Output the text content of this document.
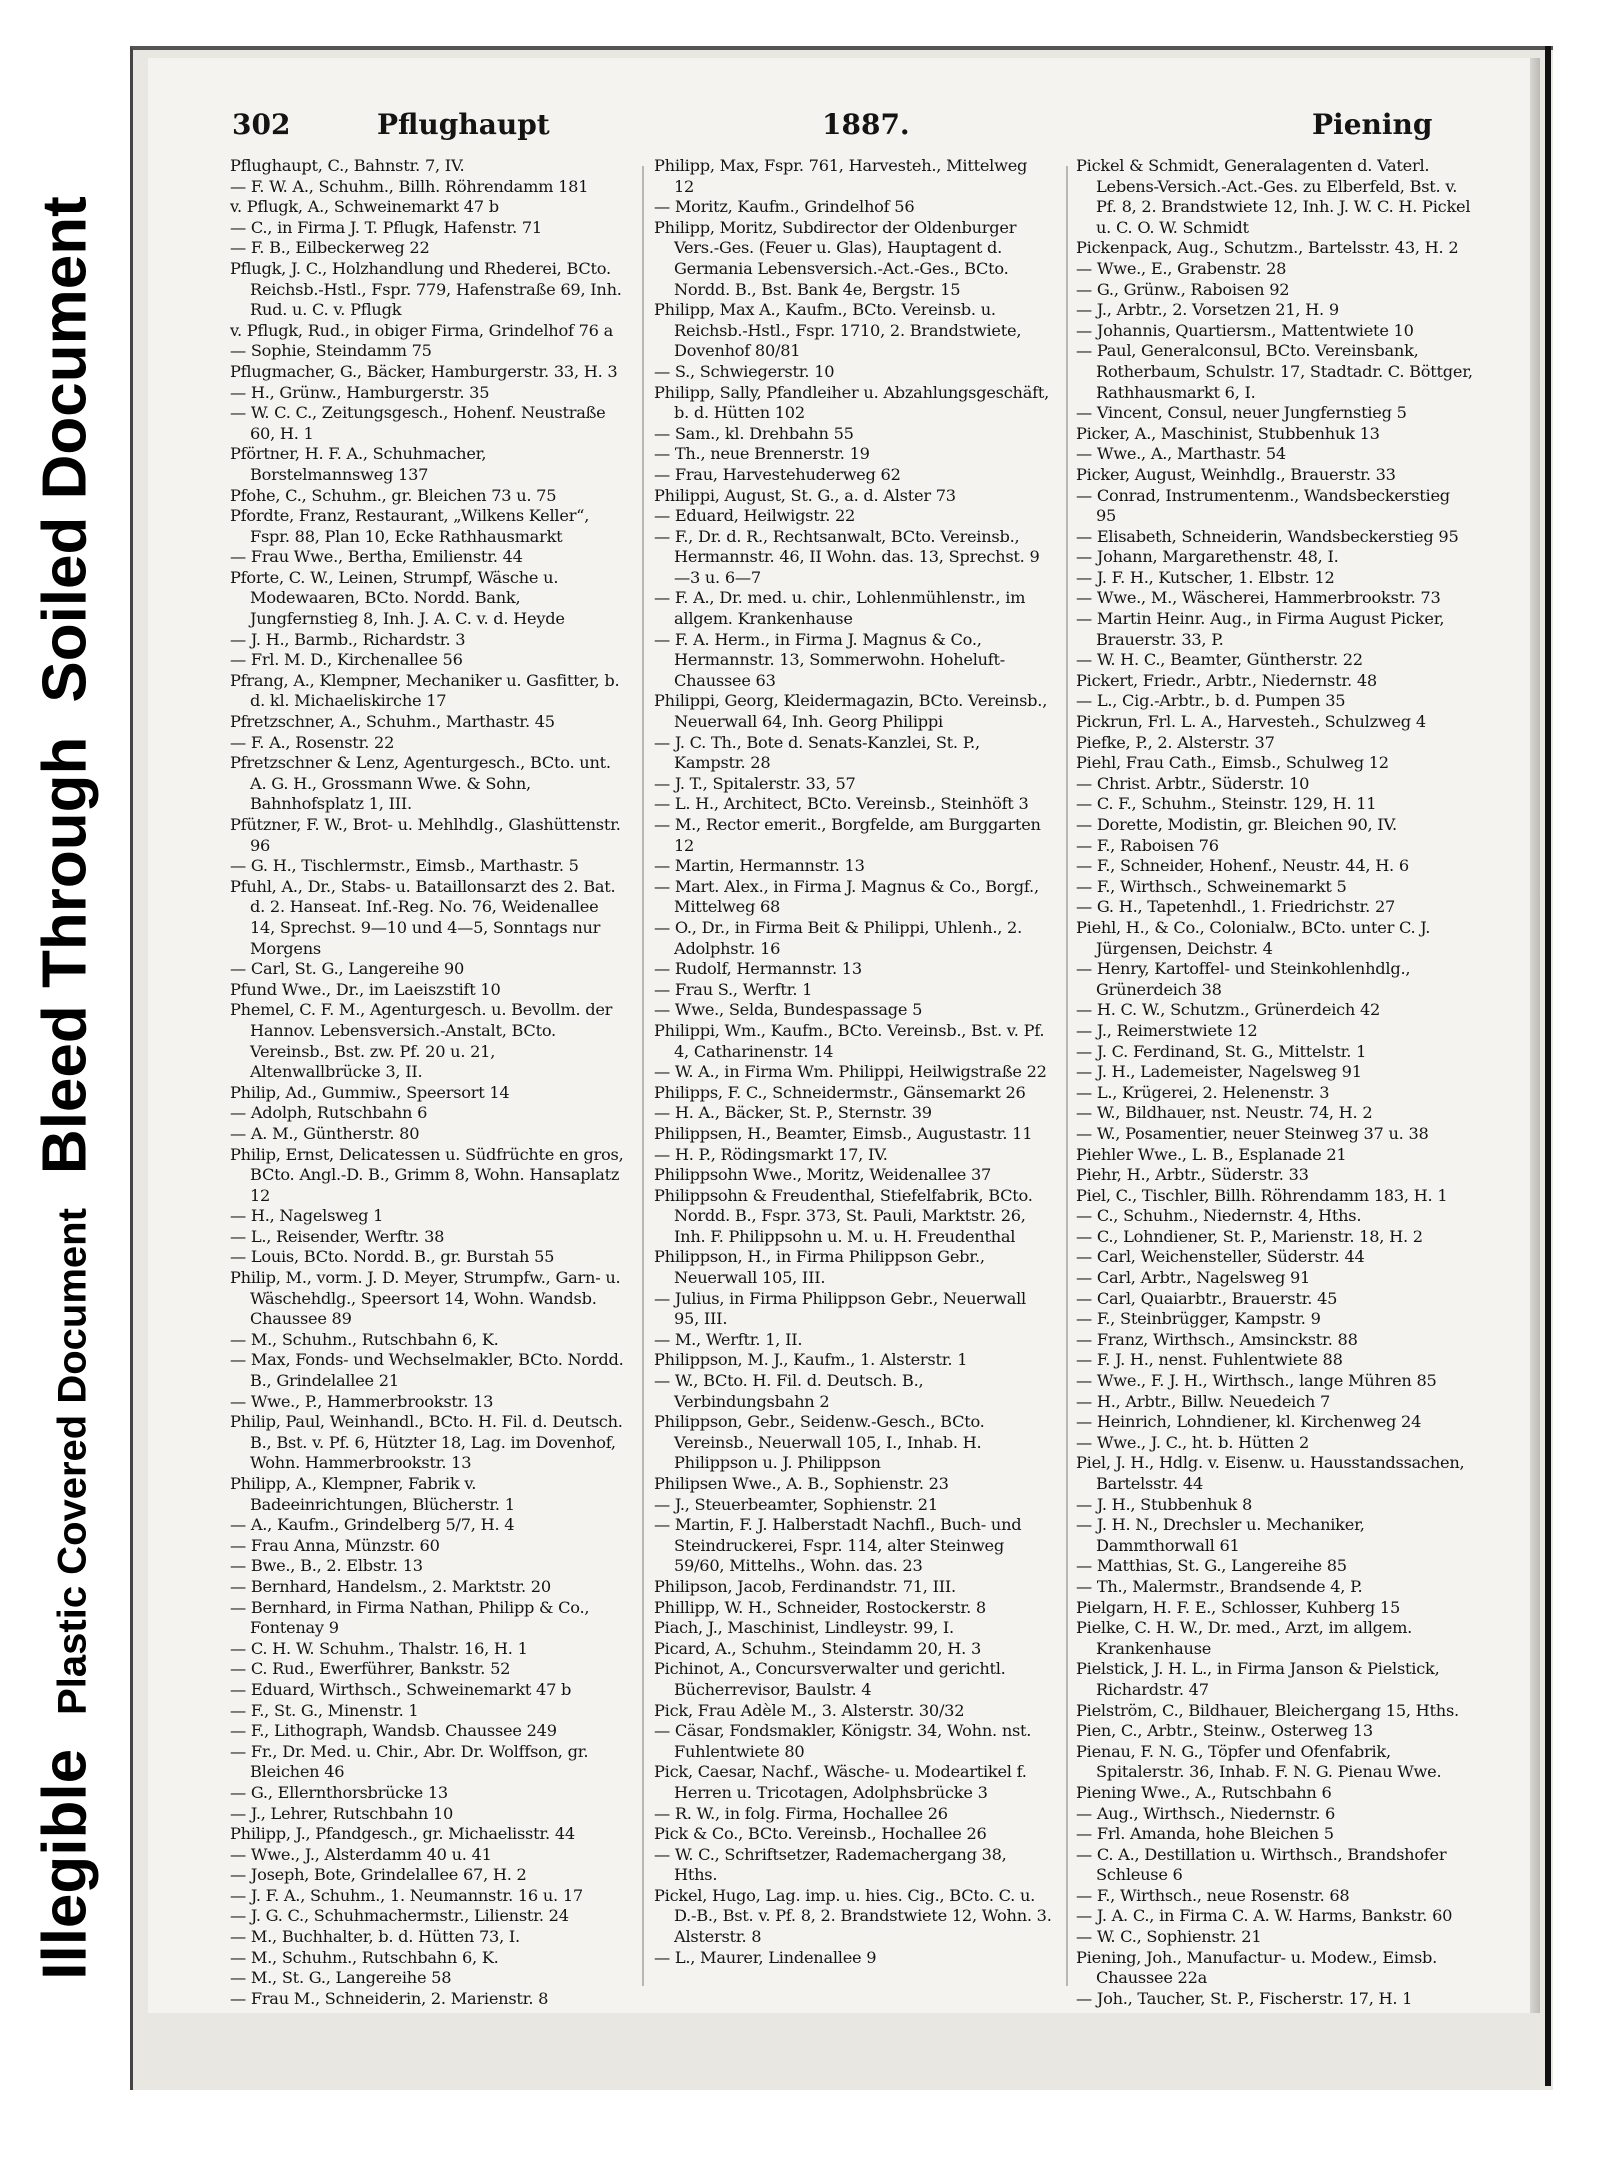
Illegible
Plastic Covered Document
Bleed Through
Soiled Document
302	Pflughaupt	1887.	Piening

Pflughaupt, C., Bahnstr. 7, IV.

— F. W. A., Schuhm., Billh. Röhrendamm 181

v. Pflugk, A., Schweinemarkt 47 b

— C., in Firma J. T. Pflugk, Hafenstr. 71

— F. B., Eilbeckerweg 22

Pflugk, J. C., Holzhandlung und Rhederei, BCto. Reichsb.-Hstl., Fspr. 779, Hafenstraße 69, Inh. Rud. u. C. v. Pflugk

v. Pflugk, Rud., in obiger Firma, Grindelhof 76 a

— Sophie, Steindamm 75

Pflugmacher, G., Bäcker, Hamburgerstr. 33, H. 3

— H., Grünw., Hamburgerstr. 35

— W. C. C., Zeitungsgesch., Hohenf. Neustraße 60, H. 1

Pförtner, H. F. A., Schuhmacher, Borstelmannsweg 137

Pfohe, C., Schuhm., gr. Bleichen 73 u. 75

Pfordte, Franz, Restaurant, „Wilkens Keller“, Fspr. 88, Plan 10, Ecke Rathhausmarkt

— Frau Wwe., Bertha, Emilienstr. 44

Pforte, C. W., Leinen, Strumpf, Wäsche u. Modewaaren, BCto. Nordd. Bank, Jungfernstieg 8, Inh. J. A. C. v. d. Heyde

— J. H., Barmb., Richardstr. 3

— Frl. M. D., Kirchenallee 56

Pfrang, A., Klempner, Mechaniker u. Gasfitter, b. d. kl. Michaeliskirche 17

Pfretzschner, A., Schuhm., Marthastr. 45

— F. A., Rosenstr. 22

Pfretzschner & Lenz, Agenturgesch., BCto. unt. A. G. H., Grossmann Wwe. & Sohn, Bahnhofsplatz 1, III.

Pfützner, F. W., Brot- u. Mehlhdlg., Glashüttenstr. 96

— G. H., Tischlermstr., Eimsb., Marthastr. 5

Pfuhl, A., Dr., Stabs- u. Bataillonsarzt des 2. Bat. d. 2. Hanseat. Inf.-Reg. No. 76, Weidenallee 14, Sprechst. 9—10 und 4—5, Sonntags nur Morgens

— Carl, St. G., Langereihe 90

Pfund Wwe., Dr., im Laeiszstift 10

Phemel, C. F. M., Agenturgesch. u. Bevollm. der Hannov. Lebensversich.-Anstalt, BCto. Vereinsb., Bst. zw. Pf. 20 u. 21, Altenwallbrücke 3, II.

Philip, Ad., Gummiw., Speersort 14

— Adolph, Rutschbahn 6

— A. M., Güntherstr. 80

Philip, Ernst, Delicatessen u. Südfrüchte en gros, BCto. Angl.-D. B., Grimm 8, Wohn. Hansaplatz 12

— H., Nagelsweg 1

— L., Reisender, Werftr. 38

— Louis, BCto. Nordd. B., gr. Burstah 55

Philip, M., vorm. J. D. Meyer, Strumpfw., Garn- u. Wäschehdlg., Speersort 14, Wohn. Wandsb. Chaussee 89

— M., Schuhm., Rutschbahn 6, K.

— Max, Fonds- und Wechselmakler, BCto. Nordd. B., Grindelallee 21

— Wwe., P., Hammerbrookstr. 13

Philip, Paul, Weinhandl., BCto. H. Fil. d. Deutsch. B., Bst. v. Pf. 6, Hützter 18, Lag. im Dovenhof, Wohn. Hammerbrookstr. 13

Philipp, A., Klempner, Fabrik v. Badeeinrichtungen, Blücherstr. 1

— A., Kaufm., Grindelberg 5/7, H. 4

— Frau Anna, Münzstr. 60

— Bwe., B., 2. Elbstr. 13

— Bernhard, Handelsm., 2. Marktstr. 20

— Bernhard, in Firma Nathan, Philipp & Co., Fontenay 9

— C. H. W. Schuhm., Thalstr. 16, H. 1

— C. Rud., Ewerführer, Bankstr. 52

— Eduard, Wirthsch., Schweinemarkt 47 b

— F., St. G., Minenstr. 1

— F., Lithograph, Wandsb. Chaussee 249

— Fr., Dr. Med. u. Chir., Abr. Dr. Wolffson, gr. Bleichen 46

— G., Ellernthorsbrücke 13

— J., Lehrer, Rutschbahn 10

Philipp, J., Pfandgesch., gr. Michaelisstr. 44

— Wwe., J., Alsterdamm 40 u. 41

— Joseph, Bote, Grindelallee 67, H. 2

— J. F. A., Schuhm., 1. Neumannstr. 16 u. 17

— J. G. C., Schuhmachermstr., Lilienstr. 24

— M., Buchhalter, b. d. Hütten 73, I.

— M., Schuhm., Rutschbahn 6, K.

— M., St. G., Langereihe 58

— Frau M., Schneiderin, 2. Marienstr. 8

Philipp, Max, Fspr. 761, Harvesteh., Mittelweg 12

— Moritz, Kaufm., Grindelhof 56

Philipp, Moritz, Subdirector der Oldenburger Vers.-Ges. (Feuer u. Glas), Hauptagent d. Germania Lebensversich.-Act.-Ges., BCto. Nordd. B., Bst. Bank 4e, Bergstr. 15

Philipp, Max A., Kaufm., BCto. Vereinsb. u. Reichsb.-Hstl., Fspr. 1710, 2. Brandstwiete, Dovenhof 80/81

— S., Schwiegerstr. 10

Philipp, Sally, Pfandleiher u. Abzahlungsgeschäft, b. d. Hütten 102

— Sam., kl. Drehbahn 55

— Th., neue Brennerstr. 19

— Frau, Harvestehuderweg 62

Philippi, August, St. G., a. d. Alster 73

— Eduard, Heilwigstr. 22

— F., Dr. d. R., Rechtsanwalt, BCto. Vereinsb., Hermannstr. 46, II Wohn. das. 13, Sprechst. 9—3 u. 6—7

— F. A., Dr. med. u. chir., Lohlenmühlenstr., im allgem. Krankenhause

— F. A. Herm., in Firma J. Magnus & Co., Hermannstr. 13, Sommerwohn. Hoheluft-Chaussee 63

Philippi, Georg, Kleidermagazin, BCto. Vereinsb., Neuerwall 64, Inh. Georg Philippi

— J. C. Th., Bote d. Senats-Kanzlei, St. P., Kampstr. 28

— J. T., Spitalerstr. 33, 57

— L. H., Architect, BCto. Vereinsb., Steinhöft 3

— M., Rector emerit., Borgfelde, am Burggarten 12

— Martin, Hermannstr. 13

— Mart. Alex., in Firma J. Magnus & Co., Borgf., Mittelweg 68

— O., Dr., in Firma Beit & Philippi, Uhlenh., 2. Adolphstr. 16

— Rudolf, Hermannstr. 13

— Frau S., Werftr. 1

— Wwe., Selda, Bundespassage 5

Philippi, Wm., Kaufm., BCto. Vereinsb., Bst. v. Pf. 4, Catharinenstr. 14

— W. A., in Firma Wm. Philippi, Heilwigstraße 22

Philipps, F. C., Schneidermstr., Gänsemarkt 26

— H. A., Bäcker, St. P., Sternstr. 39

Philippsen, H., Beamter, Eimsb., Augustastr. 11

— H. P., Rödingsmarkt 17, IV.

Philippsohn Wwe., Moritz, Weidenallee 37

Philippsohn & Freudenthal, Stiefelfabrik, BCto. Nordd. B., Fspr. 373, St. Pauli, Marktstr. 26, Inh. F. Philippsohn u. M. u. H. Freudenthal

Philippson, H., in Firma Philippson Gebr., Neuerwall 105, III.

— Julius, in Firma Philippson Gebr., Neuerwall 95, III.

— M., Werftr. 1, II.

Philippson, M. J., Kaufm., 1. Alsterstr. 1

— W., BCto. H. Fil. d. Deutsch. B., Verbindungsbahn 2

Philippson, Gebr., Seidenw.-Gesch., BCto. Vereinsb., Neuerwall 105, I., Inhab. H. Philippson u. J. Philippson

Philipsen Wwe., A. B., Sophienstr. 23

— J., Steuerbeamter, Sophienstr. 21

— Martin, F. J. Halberstadt Nachfl., Buch- und Steindruckerei, Fspr. 114, alter Steinweg 59/60, Mittelhs., Wohn. das. 23

Philipson, Jacob, Ferdinandstr. 71, III.

Phillipp, W. H., Schneider, Rostockerstr. 8

Piach, J., Maschinist, Lindleystr. 99, I.

Picard, A., Schuhm., Steindamm 20, H. 3

Pichinot, A., Concursverwalter und gerichtl. Bücherrevisor, Baulstr. 4

Pick, Frau Adèle M., 3. Alsterstr. 30/32

— Cäsar, Fondsmakler, Königstr. 34, Wohn. nst. Fuhlentwiete 80

Pick, Caesar, Nachf., Wäsche- u. Modeartikel f. Herren u. Tricotagen, Adolphsbrücke 3

— R. W., in folg. Firma, Hochallee 26

Pick & Co., BCto. Vereinsb., Hochallee 26

— W. C., Schriftsetzer, Rademachergang 38, Hths.

Pickel, Hugo, Lag. imp. u. hies. Cig., BCto. C. u. D.-B., Bst. v. Pf. 8, 2. Brandstwiete 12, Wohn. 3. Alsterstr. 8

— L., Maurer, Lindenallee 9

Pickel & Schmidt, Generalagenten d. Vaterl. Lebens-Versich.-Act.-Ges. zu Elberfeld, Bst. v. Pf. 8, 2. Brandstwiete 12, Inh. J. W. C. H. Pickel u. C. O. W. Schmidt

Pickenpack, Aug., Schutzm., Bartelsstr. 43, H. 2

— Wwe., E., Grabenstr. 28

— G., Grünw., Raboisen 92

— J., Arbtr., 2. Vorsetzen 21, H. 9

— Johannis, Quartiersm., Mattentwiete 10

— Paul, Generalconsul, BCto. Vereinsbank, Rotherbaum, Schulstr. 17, Stadtadr. C. Böttger, Rathhausmarkt 6, I.

— Vincent, Consul, neuer Jungfernstieg 5

Picker, A., Maschinist, Stubbenhuk 13

— Wwe., A., Marthastr. 54

Picker, August, Weinhdlg., Brauerstr. 33

— Conrad, Instrumentenm., Wandsbeckerstieg 95

— Elisabeth, Schneiderin, Wandsbeckerstieg 95

— Johann, Margarethenstr. 48, I.

— J. F. H., Kutscher, 1. Elbstr. 12

— Wwe., M., Wäscherei, Hammerbrookstr. 73

— Martin Heinr. Aug., in Firma August Picker, Brauerstr. 33, P.

— W. H. C., Beamter, Güntherstr. 22

Pickert, Friedr., Arbtr., Niedernstr. 48

— L., Cig.-Arbtr., b. d. Pumpen 35

Pickrun, Frl. L. A., Harvesteh., Schulzweg 4

Piefke, P., 2. Alsterstr. 37

Piehl, Frau Cath., Eimsb., Schulweg 12

— Christ. Arbtr., Süderstr. 10

— C. F., Schuhm., Steinstr. 129, H. 11

— Dorette, Modistin, gr. Bleichen 90, IV.

— F., Raboisen 76

— F., Schneider, Hohenf., Neustr. 44, H. 6

— F., Wirthsch., Schweinemarkt 5

— G. H., Tapetenhdl., 1. Friedrichstr. 27

Piehl, H., & Co., Colonialw., BCto. unter C. J. Jürgensen, Deichstr. 4

— Henry, Kartoffel- und Steinkohlenhdlg., Grünerdeich 38

— H. C. W., Schutzm., Grünerdeich 42

— J., Reimerstwiete 12

— J. C. Ferdinand, St. G., Mittelstr. 1

— J. H., Lademeister, Nagelsweg 91

— L., Krügerei, 2. Helenenstr. 3

— W., Bildhauer, nst. Neustr. 74, H. 2

— W., Posamentier, neuer Steinweg 37 u. 38

Piehler Wwe., L. B., Esplanade 21

Piehr, H., Arbtr., Süderstr. 33

Piel, C., Tischler, Billh. Röhrendamm 183, H. 1

— C., Schuhm., Niedernstr. 4, Hths.

— C., Lohndiener, St. P., Marienstr. 18, H. 2

— Carl, Weichensteller, Süderstr. 44

— Carl, Arbtr., Nagelsweg 91

— Carl, Quaiarbtr., Brauerstr. 45

— F., Steinbrügger, Kampstr. 9

— Franz, Wirthsch., Amsinckstr. 88

— F. J. H., nenst. Fuhlentwiete 88

— Wwe., F. J. H., Wirthsch., lange Mühren 85

— H., Arbtr., Billw. Neuedeich 7

— Heinrich, Lohndiener, kl. Kirchenweg 24

— Wwe., J. C., ht. b. Hütten 2

Piel, J. H., Hdlg. v. Eisenw. u. Hausstandssachen, Bartelsstr. 44

— J. H., Stubbenhuk 8

— J. H. N., Drechsler u. Mechaniker, Dammthorwall 61

— Matthias, St. G., Langereihe 85

— Th., Malermstr., Brandsende 4, P.

Pielgarn, H. F. E., Schlosser, Kuhberg 15

Pielke, C. H. W., Dr. med., Arzt, im allgem. Krankenhause

Pielstick, J. H. L., in Firma Janson & Pielstick, Richardstr. 47

Pielström, C., Bildhauer, Bleichergang 15, Hths.

Pien, C., Arbtr., Steinw., Osterweg 13

Pienau, F. N. G., Töpfer und Ofenfabrik, Spitalerstr. 36, Inhab. F. N. G. Pienau Wwe.

Piening Wwe., A., Rutschbahn 6

— Aug., Wirthsch., Niedernstr. 6

— Frl. Amanda, hohe Bleichen 5

— C. A., Destillation u. Wirthsch., Brandshofer Schleuse 6

— F., Wirthsch., neue Rosenstr. 68

— J. A. C., in Firma C. A. W. Harms, Bankstr. 60

— W. C., Sophienstr. 21

Piening, Joh., Manufactur- u. Modew., Eimsb. Chaussee 22a

— Joh., Taucher, St. P., Fischerstr. 17, H. 1
